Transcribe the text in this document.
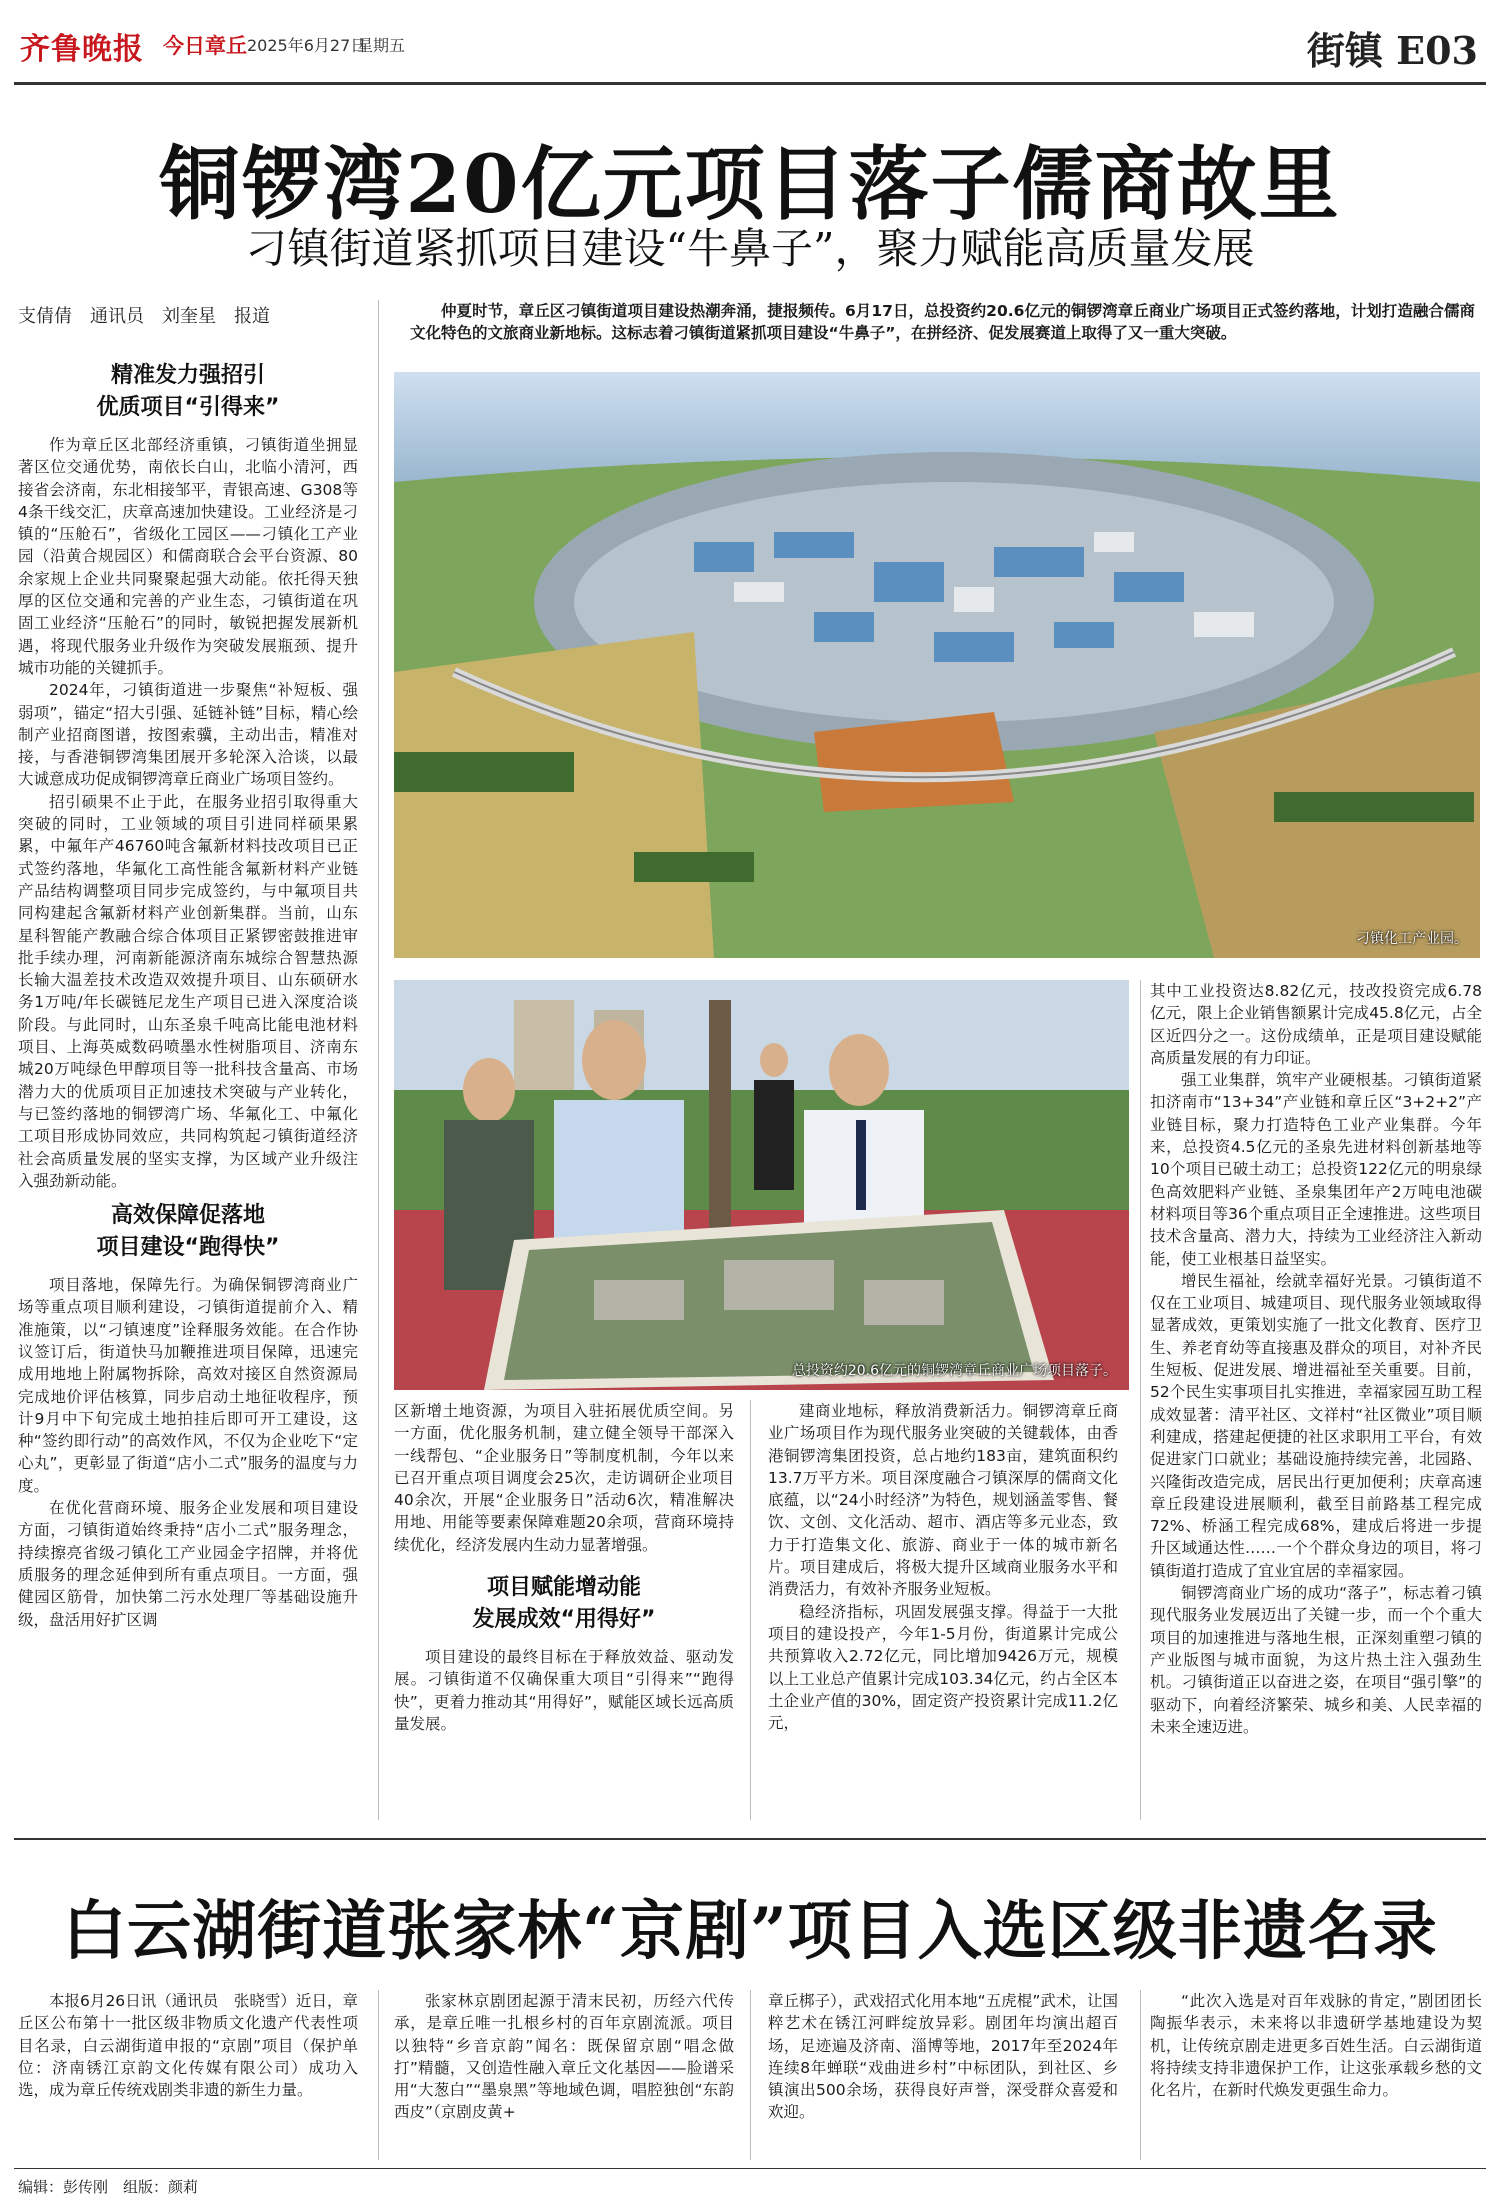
齐鲁晚报 今日章丘 2025年6月27日
星期五	街镇 E03
铜锣湾20亿元项目落子儒商故里
刁镇街道紧抓项目建设“牛鼻子”，聚力赋能高质量发展
支倩倩　通讯员　刘奎星　报道	仲夏时节，章丘区刁镇街道项目建设热潮奔涌，捷报频传。6月17日，总投资约20.6亿元的铜锣湾章丘商业广场项目正式签约落地，计划打造融合儒商文化特色的文旅商业新地标。这标志着刁镇街道紧抓项目建设“牛鼻子”，在拼经济、促发展赛道上取得了又一重大突破。
精准发力强招引
优质项目“引得来”

作为章丘区北部经济重镇，刁镇街道坐拥显著区位交通优势，南依长白山，北临小清河，西接省会济南，东北相接邹平，青银高速、G308等4条干线交汇，庆章高速加快建设。工业经济是刁镇的“压舱石”，省级化工园区——刁镇化工产业园（沿黄合规园区）和儒商联合会平台资源、80余家规上企业共同聚聚起强大动能。依托得天独厚的区位交通和完善的产业生态，刁镇街道在巩固工业经济“压舱石”的同时，敏锐把握发展新机遇，将现代服务业升级作为突破发展瓶颈、提升城市功能的关键抓手。

2024年，刁镇街道进一步聚焦“补短板、强弱项”，锚定“招大引强、延链补链”目标，精心绘制产业招商图谱，按图索骥，主动出击，精准对接，与香港铜锣湾集团展开多轮深入洽谈，以最大诚意成功促成铜锣湾章丘商业广场项目签约。

招引硕果不止于此，在服务业招引取得重大突破的同时，工业领域的项目引进同样硕果累累，中氟年产46760吨含氟新材料技改项目已正式签约落地，华氟化工高性能含氟新材料产业链产品结构调整项目同步完成签约，与中氟项目共同构建起含氟新材料产业创新集群。当前，山东星科智能产教融合综合体项目正紧锣密鼓推进审批手续办理，河南新能源济南东城综合智慧热源长输大温差技术改造双效提升项目、山东硕研水务1万吨/年长碳链尼龙生产项目已进入深度洽谈阶段。与此同时，山东圣泉千吨高比能电池材料项目、上海英威数码喷墨水性树脂项目、济南东城20万吨绿色甲醇项目等一批科技含量高、市场潜力大的优质项目正加速技术突破与产业转化，与已签约落地的铜锣湾广场、华氟化工、中氟化工项目形成协同效应，共同构筑起刁镇街道经济社会高质量发展的坚实支撑，为区域产业升级注入强劲新动能。

高效保障促落地
项目建设“跑得快”

项目落地，保障先行。为确保铜锣湾商业广场等重点项目顺利建设，刁镇街道提前介入、精准施策，以“刁镇速度”诠释服务效能。在合作协议签订后，街道快马加鞭推进项目保障，迅速完成用地地上附属物拆除，高效对接区自然资源局完成地价评估核算，同步启动土地征收程序，预计9月中下旬完成土地拍挂后即可开工建设，这种“签约即行动”的高效作风，不仅为企业吃下“定心丸”，更彰显了街道“店小二式”服务的温度与力度。

在优化营商环境、服务企业发展和项目建设方面，刁镇街道始终秉持“店小二式”服务理念，持续擦亮省级刁镇化工产业园金字招牌，并将优质服务的理念延伸到所有重点项目。一方面，强健园区筋骨，加快第二污水处理厂等基础设施升级，盘活用好扩区调

刁镇化工产业园。
总投资约20.6亿元的铜锣湾章丘商业广场项目落子。

区新增土地资源，为项目入驻拓展优质空间。另一方面，优化服务机制，建立健全领导干部深入一线帮包、“企业服务日”等制度机制，今年以来已召开重点项目调度会25次，走访调研企业项目40余次，开展“企业服务日”活动6次，精准解决用地、用能等要素保障难题20余项，营商环境持续优化，经济发展内生动力显著增强。

项目赋能增动能
发展成效“用得好”

项目建设的最终目标在于释放效益、驱动发展。刁镇街道不仅确保重大项目“引得来”“跑得快”，更着力推动其“用得好”，赋能区域长远高质量发展。

建商业地标，释放消费新活力。铜锣湾章丘商业广场项目作为现代服务业突破的关键载体，由香港铜锣湾集团投资，总占地约183亩，建筑面积约13.7万平方米。项目深度融合刁镇深厚的儒商文化底蕴，以“24小时经济”为特色，规划涵盖零售、餐饮、文创、文化活动、超市、酒店等多元业态，致力于打造集文化、旅游、商业于一体的城市新名片。项目建成后，将极大提升区域商业服务水平和消费活力，有效补齐服务业短板。

稳经济指标，巩固发展强支撑。得益于一大批项目的建设投产，今年1-5月份，街道累计完成公共预算收入2.72亿元，同比增加9426万元，规模以上工业总产值累计完成103.34亿元，约占全区本土企业产值的30%，固定资产投资累计完成11.2亿元，

其中工业投资达8.82亿元，技改投资完成6.78亿元，限上企业销售额累计完成45.8亿元，占全区近四分之一。这份成绩单，正是项目建设赋能高质量发展的有力印证。

强工业集群，筑牢产业硬根基。刁镇街道紧扣济南市“13+34”产业链和章丘区“3+2+2”产业链目标，聚力打造特色工业产业集群。今年来，总投资4.5亿元的圣泉先进材料创新基地等10个项目已破土动工；总投资122亿元的明泉绿色高效肥料产业链、圣泉集团年产2万吨电池碳材料项目等36个重点项目正全速推进。这些项目技术含量高、潜力大，持续为工业经济注入新动能，使工业根基日益坚实。

增民生福祉，绘就幸福好光景。刁镇街道不仅在工业项目、城建项目、现代服务业领域取得显著成效，更策划实施了一批文化教育、医疗卫生、养老育幼等直接惠及群众的项目，对补齐民生短板、促进发展、增进福祉至关重要。目前，52个民生实事项目扎实推进，幸福家园互助工程成效显著：清平社区、文祥村“社区微业”项目顺利建成，搭建起便捷的社区求职用工平台，有效促进家门口就业；基础设施持续完善，北园路、兴隆街改造完成，居民出行更加便利；庆章高速章丘段建设进展顺利，截至目前路基工程完成72%、桥涵工程完成68%，建成后将进一步提升区域通达性……一个个群众身边的项目，将刁镇街道打造成了宜业宜居的幸福家园。

铜锣湾商业广场的成功“落子”，标志着刁镇现代服务业发展迈出了关键一步，而一个个重大项目的加速推进与落地生根，正深刻重塑刁镇的产业版图与城市面貌，为这片热土注入强劲生机。刁镇街道正以奋进之姿，在项目“强引擎”的驱动下，向着经济繁荣、城乡和美、人民幸福的未来全速迈进。

白云湖街道张家林“京剧”项目入选区级非遗名录

本报6月26日讯（通讯员　张晓雪）近日，章丘区公布第十一批区级非物质文化遗产代表性项目名录，白云湖街道申报的“京剧”项目（保护单位：济南锈江京韵文化传媒有限公司）成功入选，成为章丘传统戏剧类非遗的新生力量。

张家林京剧团起源于清末民初，历经六代传承，是章丘唯一扎根乡村的百年京剧流派。项目以独特“乡音京韵”闻名：既保留京剧“唱念做打”精髓，又创造性融入章丘文化基因——脸谱采用“大葱白”“墨泉黑”等地域色调，唱腔独创“东韵西皮”（京剧皮黄+

章丘梆子），武戏招式化用本地“五虎棍”武术，让国粹艺术在锈江河畔绽放异彩。剧团年均演出超百场，足迹遍及济南、淄博等地，2017年至2024年连续8年蝉联“戏曲进乡村”中标团队，到社区、乡镇演出500余场，获得良好声誉，深受群众喜爱和欢迎。

“此次入选是对百年戏脉的肯定，”剧团团长陶振华表示，未来将以非遗研学基地建设为契机，让传统京剧走进更多百姓生活。白云湖街道将持续支持非遗保护工作，让这张承载乡愁的文化名片，在新时代焕发更强生命力。

编辑：彭传刚　组版：颜莉
